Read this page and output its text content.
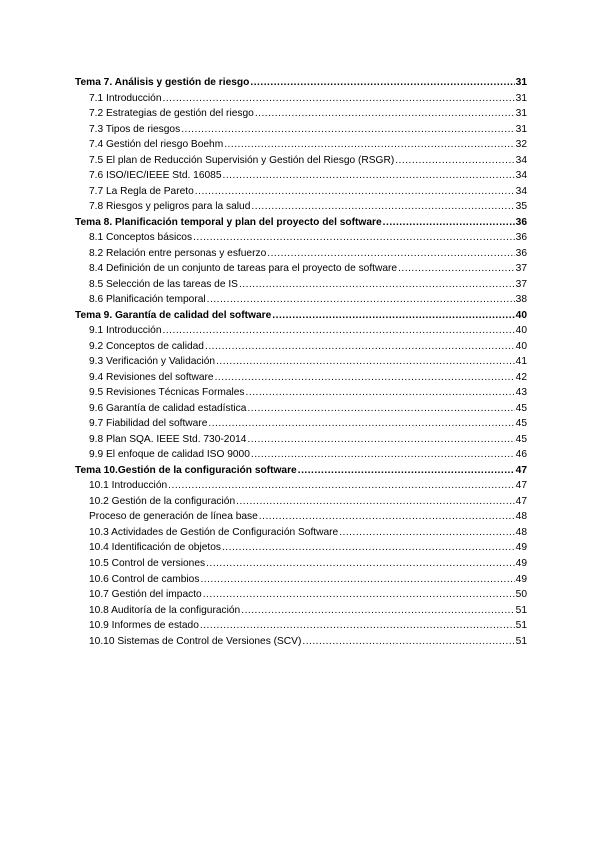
Tema 7. Análisis y gestión de riesgo .....	31
7.1 Introducción .....	31
7.2 Estrategias de gestión del riesgo .....	31
7.3 Tipos de riesgos .....	31
7.4 Gestión del riesgo Boehm .....	32
7.5 El plan de Reducción Supervisión y Gestión del Riesgo (RSGR) .....	34
7.6 ISO/IEC/IEEE Std. 16085 .....	34
7.7 La Regla de Pareto .....	34
7.8 Riesgos y peligros para la salud .....	35
Tema 8. Planificación temporal y plan del proyecto del software .....	36
8.1 Conceptos básicos .....	36
8.2 Relación entre personas y esfuerzo .....	36
8.4 Definición de un conjunto de tareas para el proyecto de software .....	37
8.5 Selección de las tareas de IS .....	37
8.6 Planificación temporal .....	38
Tema 9. Garantía de calidad del software .....	40
9.1 Introducción .....	40
9.2 Conceptos de calidad .....	40
9.3 Verificación y Validación .....	41
9.4 Revisiones del software .....	42
9.5 Revisiones Técnicas Formales .....	43
9.6 Garantía de calidad estadística .....	45
9.7 Fiabilidad del software .....	45
9.8 Plan SQA. IEEE Std. 730-2014 .....	45
9.9 El enfoque de calidad ISO 9000 .....	46
Tema 10.Gestión de la configuración software .....	47
10.1 Introducción .....	47
10.2 Gestión de la configuración .....	47
Proceso de generación de línea base .....	48
10.3 Actividades de Gestión de Configuración Software .....	48
10.4 Identificación de objetos .....	49
10.5 Control de versiones .....	49
10.6 Control de cambios .....	49
10.7 Gestión del impacto .....	50
10.8 Auditoría de la configuración .....	51
10.9 Informes de estado .....	51
10.10 Sistemas de Control de Versiones (SCV) .....	51
